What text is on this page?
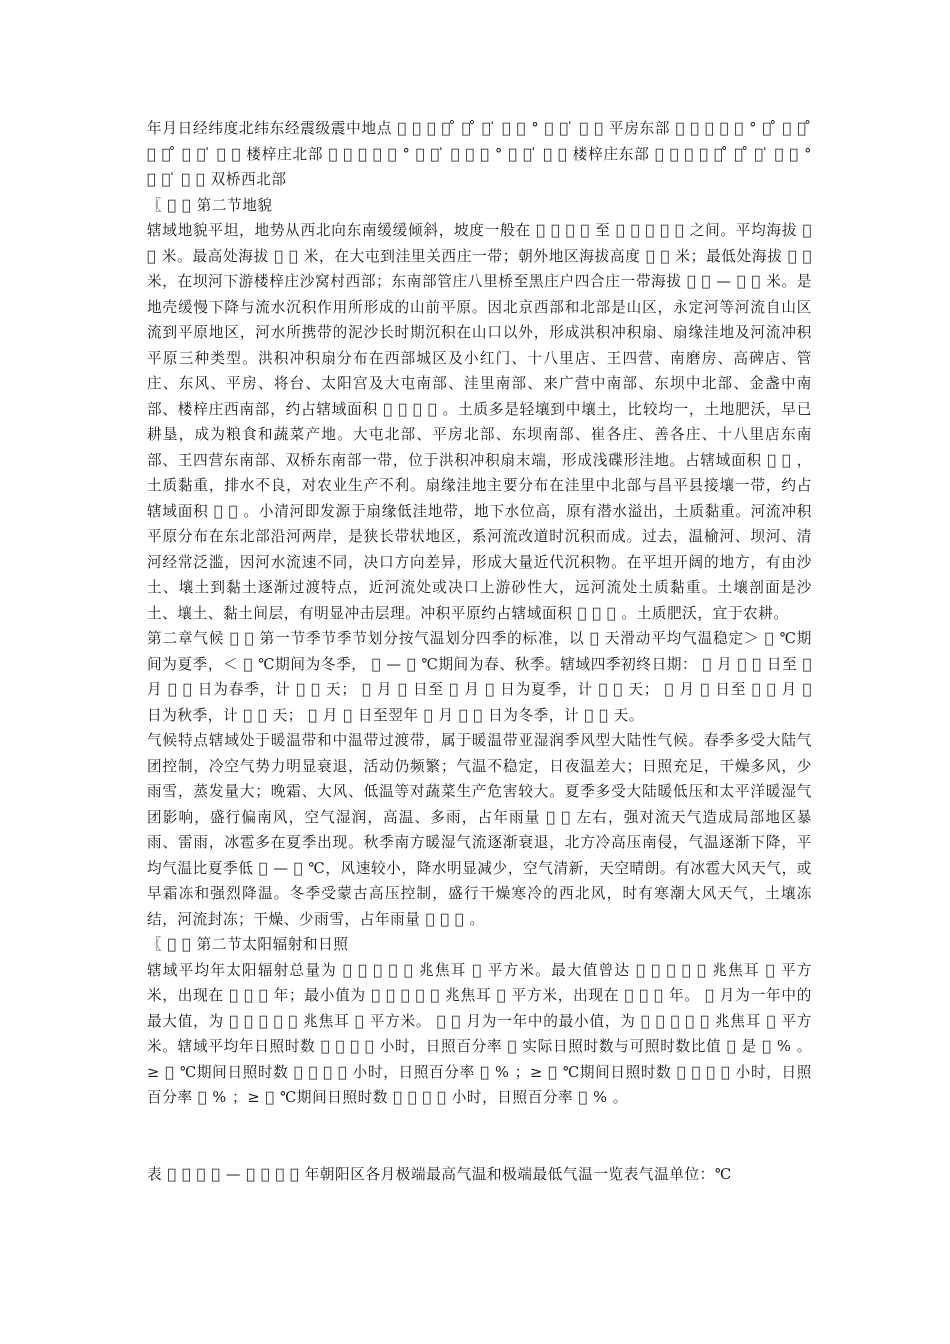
年月日经纬度北纬东经震级震中地点         ̊   ̊   ̍     °     ̍     平房东部           °   ̊     ̊     ̊     ̍     楼梓庄北部           °     ̍       °     ̍     楼梓庄东部           ̊   ̊   ̍     °     ̍     双桥西北部

〖     第二节地貌

辖域地貌平坦，地势从西北向东南缓缓倾斜，坡度一般在         至           之间。平均海拔     米。最高处海拔     米，在大屯到洼里关西庄一带；朝外地区海拔高度     米；最低处海拔     米，在坝河下游楼梓庄沙窝村西部；东南部管庄八里桥至黑庄户四合庄一带海拔     —     米。是地壳缓慢下降与流水沉积作用所形成的山前平原。因北京西部和北部是山区，永定河等河流自山区流到平原地区，河水所携带的泥沙长时期沉积在山口以外，形成洪积冲积扇、扇缘洼地及河流冲积平原三种类型。洪积冲积扇分布在西部城区及小红门、十八里店、王四营、南磨房、高碑店、管庄、东风、平房、将台、太阳宫及大屯南部、洼里南部、来广营中南部、东坝中北部、金盏中南部、楼梓庄西南部，约占辖域面积         。土质多是轻壤到中壤土，比较均一，土地肥沃，早已耕垦，成为粮食和蔬菜产地。大屯北部、平房北部、东坝南部、崔各庄、善各庄、十八里店东南部、王四营东南部、双桥东南部一带，位于洪积冲积扇末端，形成浅碟形洼地。占辖域面积     ，土质黏重，排水不良，对农业生产不利。扇缘洼地主要分布在洼里中北部与昌平县接壤一带，约占辖域面积     。小清河即发源于扇缘低洼地带，地下水位高，原有潜水溢出，土质黏重。河流冲积平原分布在东北部沿河两岸，是狭长带状地区，系河流改道时沉积而成。过去，温榆河、坝河、清河经常泛滥，因河水流速不同，决口方向差异，形成大量近代沉积物。在平坦开阔的地方，有由沙土、壤土到黏土逐渐过渡特点，近河流处或决口上游砂性大，远河流处土质黏重。土壤剖面是沙土、壤土、黏土间层，有明显冲击层理。冲积平原约占辖域面积       。土质肥沃，宜于农耕。

第二章气候     第一节季节季节划分按气温划分四季的标准，以   天滑动平均气温稳定＞   ℃期间为夏季，＜   ℃期间为冬季，   —   ℃期间为春、秋季。辖域四季初终日期：   月     日至   月     日为春季，计     天；   月   日至   月   日为夏季，计     天；   月   日至     月   日为秋季，计     天；   月   日至翌年   月     日为冬季，计     天。

气候特点辖域处于暖温带和中温带过渡带，属于暖温带亚湿润季风型大陆性气候。春季多受大陆气团控制，冷空气势力明显衰退，活动仍频繁；气温不稳定，日夜温差大；日照充足，干燥多风，少雨雪，蒸发量大；晚霜、大风、低温等对蔬菜生产危害较大。夏季多受大陆暖低压和太平洋暖湿气团影响，盛行偏南风，空气湿润，高温、多雨，占年雨量     左右，强对流天气造成局部地区暴雨、雷雨，冰雹多在夏季出现。秋季南方暖湿气流逐渐衰退，北方冷高压南侵，气温逐渐下降，平均气温比夏季低   —   ℃，风速较小，降水明显减少，空气清新，天空晴朗。有冰雹大风天气，或早霜冻和强烈降温。冬季受蒙古高压控制，盛行干燥寒冷的西北风，时有寒潮大风天气，土壤冻结，河流封冻；干燥、少雨雪，占年雨量       。

〖     第二节太阳辐射和日照

辖域平均年太阳辐射总量为           兆焦耳   平方米。最大值曾达           兆焦耳   平方米，出现在       年；最小值为           兆焦耳   平方米，出现在       年。   月为一年中的最大值，为           兆焦耳   平方米。     月为一年中的最小值，为           兆焦耳   平方米。辖域平均年日照时数         小时，日照百分率   实际日照时数与可照时数比值   是   % 。≥   ℃期间日照时数         小时，日照百分率   % ；≥   ℃期间日照时数         小时，日照百分率   % ；≥   ℃期间日照时数         小时，日照百分率   % 。

表         —         年朝阳区各月极端最高气温和极端最低气温一览表气温单位：℃
